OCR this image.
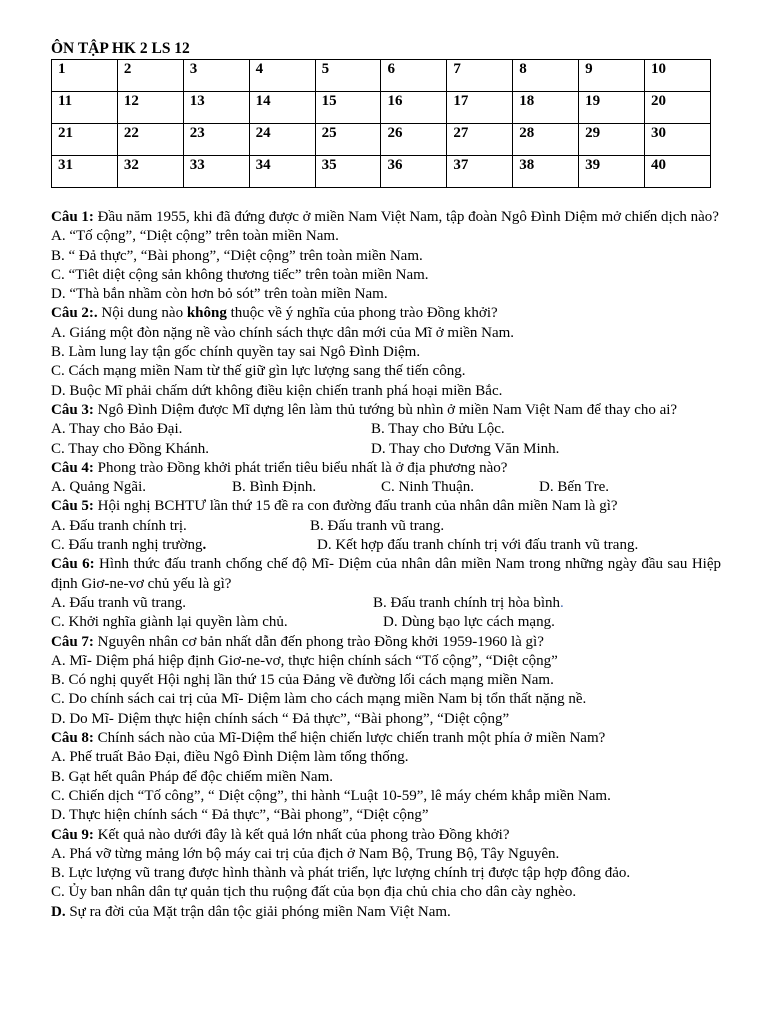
ÔN TẬP HK 2 LS 12

1	2	3	4	5	6	7	8	9	10
11	12	13	14	15	16	17	18	19	20
21	22	23	24	25	26	27	28	29	30
31	32	33	34	35	36	37	38	39	40
Câu 1: Đầu năm 1955, khi đã đứng được ở miền Nam Việt Nam, tập đoàn Ngô Đình Diệm mở chiến dịch nào?
A. “Tố cộng”, “Diệt cộng” trên toàn miền Nam.
B. “ Đả thực”, “Bài phong”, “Diệt cộng” trên toàn miền Nam.
C. “Tiêt diệt cộng sản không thương tiếc” trên toàn miền Nam.
D. “Thà bắn nhầm còn hơn bỏ sót” trên toàn miền Nam.
Câu 2:. Nội dung nào không thuộc về ý nghĩa của phong trào Đồng khởi?
A. Giáng một đòn nặng nề vào chính sách thực dân mới của Mĩ ở miền Nam.
B. Làm lung lay tận gốc chính quyền tay sai Ngô Đình Diệm.
C. Cách mạng miền Nam từ thế giữ gìn lực lượng sang thế tiến công.
D. Buộc Mĩ phải chấm dứt không điều kiện chiến tranh phá hoại miền Bắc.
Câu 3: Ngô Đình Diệm được Mĩ dựng lên làm thủ tướng bù nhìn ở miền Nam Việt Nam để thay cho ai?
A. Thay cho Bảo Đại.	B. Thay cho Bửu Lộc.
C. Thay cho Đồng Khánh.	D. Thay cho Dương Văn Minh.
Câu 4: Phong trào Đồng khởi phát triển tiêu biểu nhất là ở địa phương nào?
A. Quảng Ngãi.	B. Bình Định.	C. Ninh Thuận.	D. Bến Tre.
Câu 5: Hội nghị BCHTƯ lần thứ 15 đề ra con đường đấu tranh của nhân dân miền Nam là gì?
A. Đấu tranh chính trị.	B. Đấu tranh vũ trang.
C. Đấu tranh nghị trường.	D. Kết hợp đấu tranh chính trị với đấu tranh vũ trang.
Câu 6: Hình thức đấu tranh chống chế độ Mĩ- Diệm của nhân dân miền Nam trong những ngày đầu sau Hiệp định Giơ-ne-vơ chủ yếu là gì?
A. Đấu tranh vũ trang.	B. Đấu tranh chính trị hòa bình.
C. Khởi nghĩa giành lại quyền làm chủ.	D. Dùng bạo lực cách mạng.
Câu 7: Nguyên nhân cơ bản nhất dẫn đến phong trào Đồng khởi 1959-1960 là gì?
A. Mĩ- Diệm phá hiệp định Giơ-ne-vơ, thực hiện chính sách “Tố cộng”, “Diệt cộng”
B. Có nghị quyết Hội nghị lần thứ 15 của Đảng về đường lối cách mạng miền Nam.
C. Do chính sách cai trị của Mĩ- Diệm làm cho cách mạng miền Nam bị tổn thất nặng nề.
D. Do Mĩ- Diệm thực hiện chính sách “ Đả thực”, “Bài phong”, “Diệt cộng”
Câu 8: Chính sách nào của Mĩ-Diệm thể hiện chiến lược chiến tranh một phía ở miền Nam?
A. Phế truất Bảo Đại, điều Ngô Đình Diệm làm tổng thống.
B. Gạt hết quân Pháp để độc chiếm miền Nam.
C. Chiến dịch “Tố công”, “ Diệt cộng”, thi hành “Luật 10-59”, lê máy chém khắp miền Nam.
D. Thực hiện chính sách “ Đả thực”, “Bài phong”, “Diệt cộng”
Câu 9: Kết quả nào dưới đây là kết quả lớn nhất của phong trào Đồng khởi?
A. Phá vỡ từng mảng lớn bộ máy cai trị của địch ở Nam Bộ, Trung Bộ, Tây Nguyên.
B. Lực lượng vũ trang được hình thành và phát triển, lực lượng chính trị được tập hợp đông đảo.
C. Ủy ban nhân dân tự quản tịch thu ruộng đất của bọn địa chủ chia cho dân cày nghèo.
D. Sự ra đời của Mặt trận dân tộc giải phóng miền Nam Việt Nam.
